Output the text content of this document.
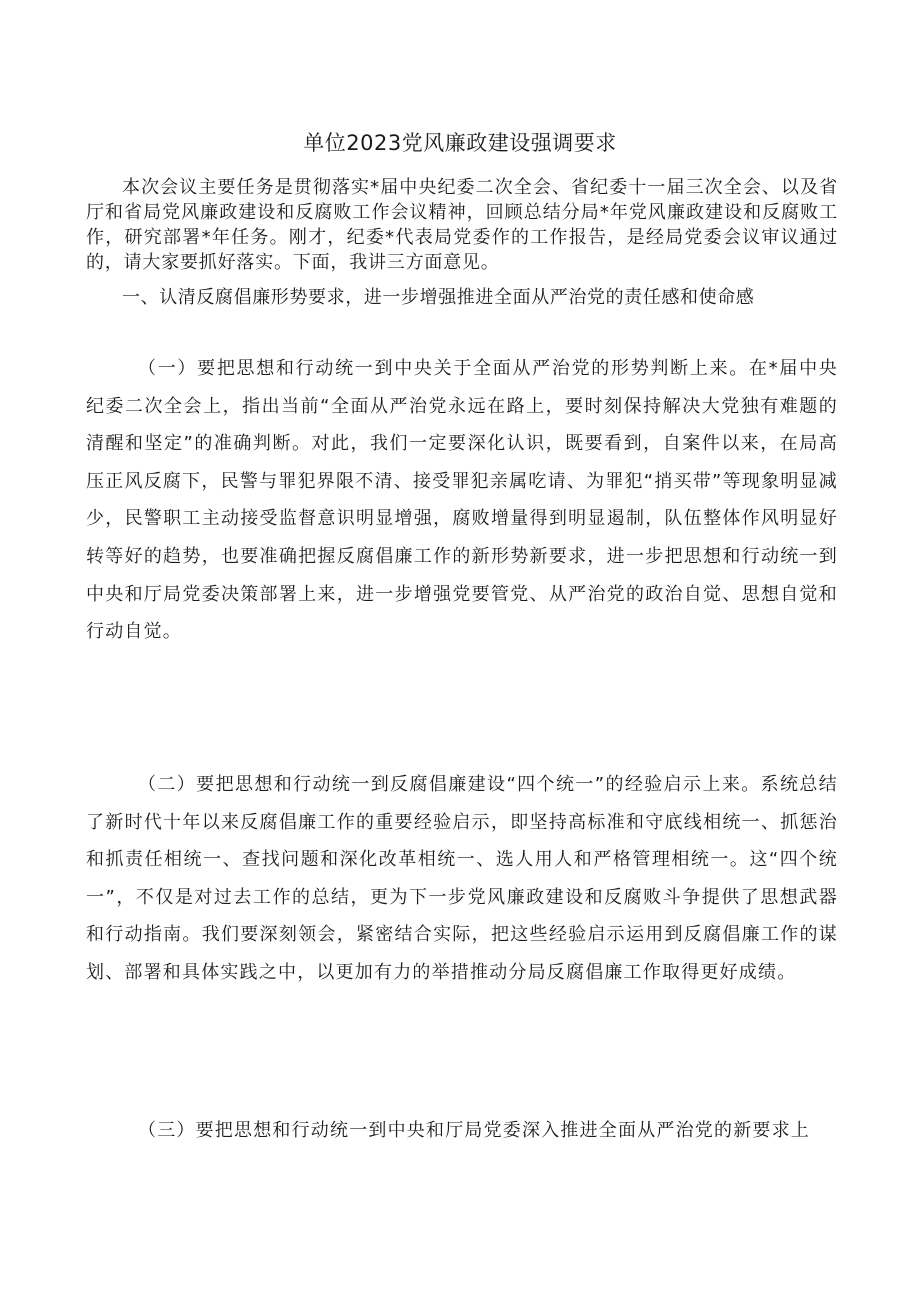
单位2023党风廉政建设强调要求

本次会议主要任务是贯彻落实*届中央纪委二次全会、省纪委十一届三次全会、以及省厅和省局党风廉政建设和反腐败工作会议精神，回顾总结分局*年党风廉政建设和反腐败工作，研究部署*年任务。刚才，纪委*代表局党委作的工作报告，是经局党委会议审议通过的，请大家要抓好落实。下面，我讲三方面意见。

一、认清反腐倡廉形势要求，进一步增强推进全面从严治党的责任感和使命感

（一）要把思想和行动统一到中央关于全面从严治党的形势判断上来。在*届中央纪委二次全会上，指出当前“全面从严治党永远在路上，要时刻保持解决大党独有难题的清醒和坚定”的准确判断。对此，我们一定要深化认识，既要看到，自案件以来，在局高压正风反腐下，民警与罪犯界限不清、接受罪犯亲属吃请、为罪犯“捎买带”等现象明显减少，民警职工主动接受监督意识明显增强，腐败增量得到明显遏制，队伍整体作风明显好转等好的趋势，也要准确把握反腐倡廉工作的新形势新要求，进一步把思想和行动统一到中央和厅局党委决策部署上来，进一步增强党要管党、从严治党的政治自觉、思想自觉和行动自觉。

（二）要把思想和行动统一到反腐倡廉建设“四个统一”的经验启示上来。系统总结了新时代十年以来反腐倡廉工作的重要经验启示，即坚持高标准和守底线相统一、抓惩治和抓责任相统一、查找问题和深化改革相统一、选人用人和严格管理相统一。这“四个统一”，不仅是对过去工作的总结，更为下一步党风廉政建设和反腐败斗争提供了思想武器和行动指南。我们要深刻领会，紧密结合实际，把这些经验启示运用到反腐倡廉工作的谋划、部署和具体实践之中，以更加有力的举措推动分局反腐倡廉工作取得更好成绩。

（三）要把思想和行动统一到中央和厅局党委深入推进全面从严治党的新要求上
